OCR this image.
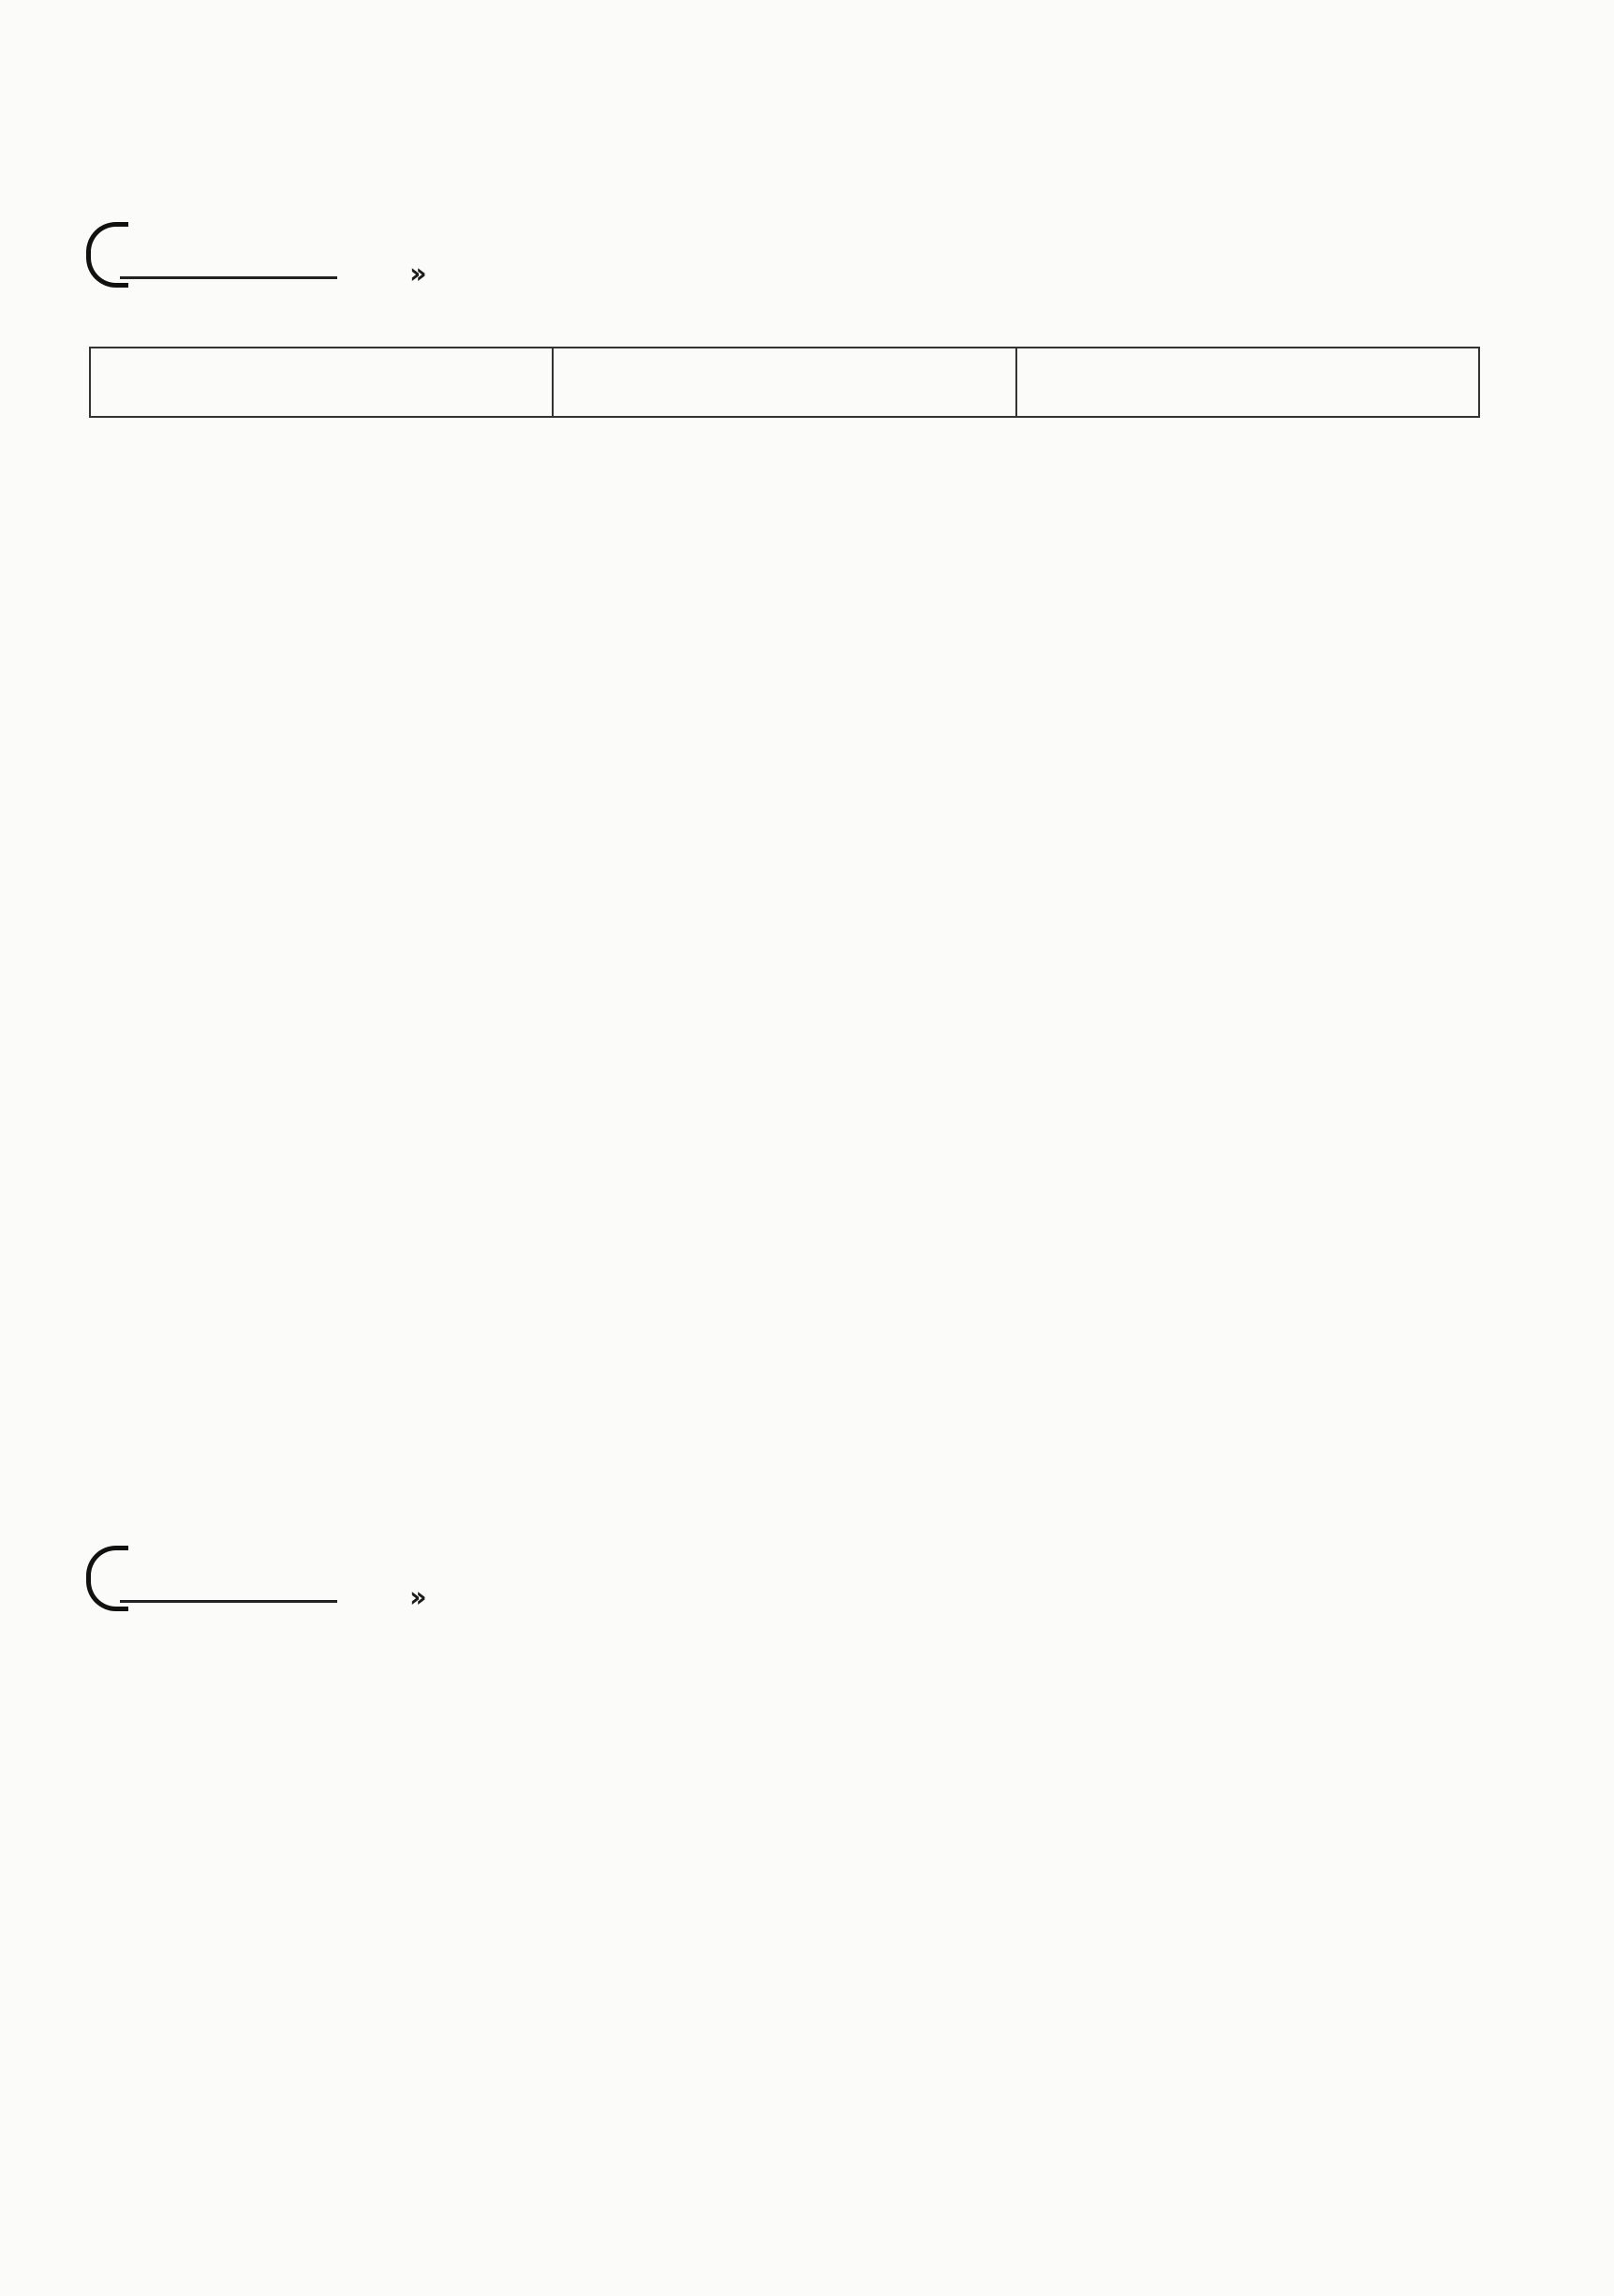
››

››
